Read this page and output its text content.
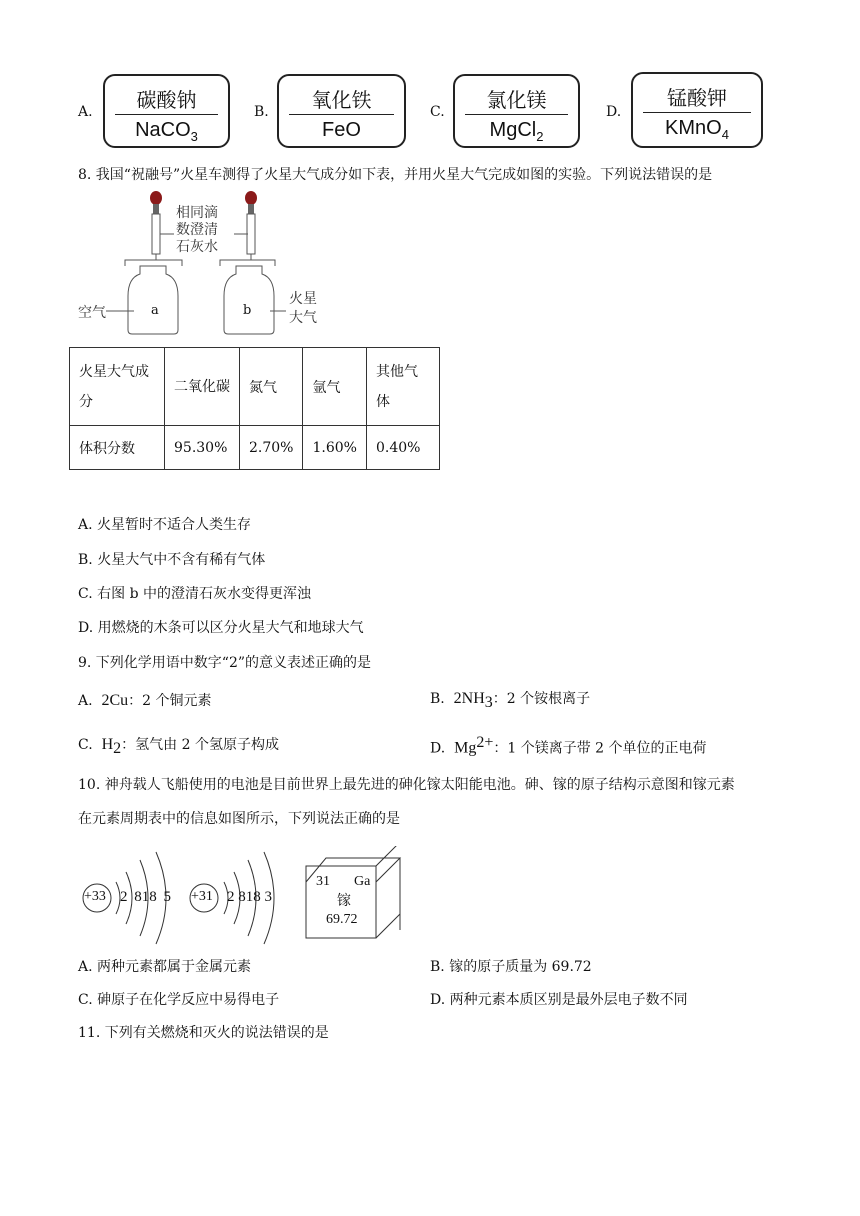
A.	碳酸钠
NaCO$_3$
B.	氧化铁
FeO
C.	氯化镁
MgCl$_2$
D.
锰酸钾
KMnO$_4$
8. 我国“祝融号”火星车测得了火星大气成分如下表，并用火星大气完成如图的实验。下列说法错误的是
相同滴
数澄清
石灰水
空气	a	b
火星
大气
火星大气成分	二氧化碳	氮气	氩气	其他气体
体积分数	95.30%	2.70%	1.60%	0.40%
A. 火星暂时不适合人类生存
B. 火星大气中不含有稀有气体
C. 右图 b 中的澄清石灰水变得更浑浊
D. 用燃烧的木条可以区分火星大气和地球大气
9. 下列化学用语中数字“2”的意义表述正确的是
A. 2Cu：2 个铜元素	B. $2NH_3$：2 个铵根离子
C. $H_2$：氢气由 2 个氢原子构成	D. $Mg^{2+}$：1 个镁离子带 2 个单位的正电荷
10. 神舟载人飞船使用的电池是目前世界上最先进的砷化镓太阳能电池。砷、镓的原子结构示意图和镓元素
在元素周期表中的信息如图所示，下列说法正确的是
+33 2 818 5 +31 2 818 3
31 Ga
镓
69.72
A. 两种元素都属于金属元素	B. 镓的原子质量为 69.72
C. 砷原子在化学反应中易得电子	D. 两种元素本质区别是最外层电子数不同
11. 下列有关燃烧和灭火的说法错误的是
